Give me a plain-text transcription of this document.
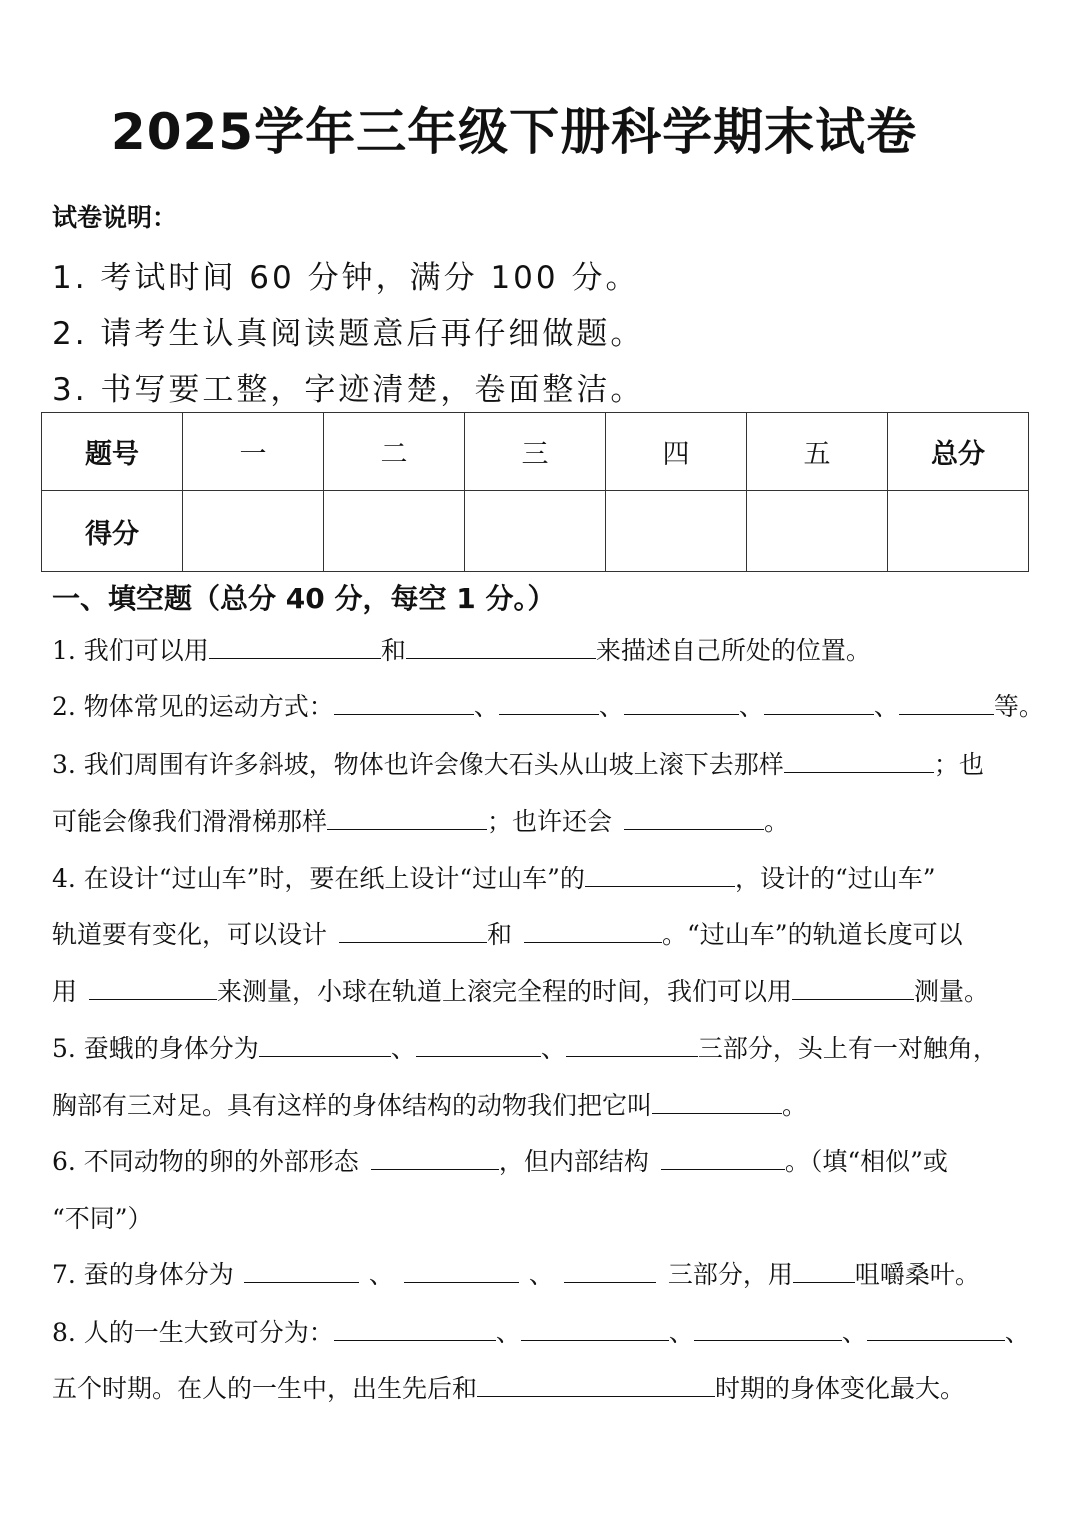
2025学年三年级下册科学期末试卷
试卷说明：
1. 考试时间 60 分钟，满分 100 分。
2. 请考生认真阅读题意后再仔细做题。
3. 书写要工整，字迹清楚，卷面整洁。
题号	一	二	三	四	五	总分
得分						
一、填空题（总分 40 分，每空 1 分。）
1. 我们可以用	和	来描述自己所处的位置。
2. 物体常见的运动方式：	、	、	、	、	等。
3. 我们周围有许多斜坡，物体也许会像大石头从山坡上滚下去那样	；也
可能会像我们滑滑梯那样	；也许还会	。
4. 在设计“过山车”时，要在纸上设计“过山车”的	，设计的“过山车”
轨道要有变化，可以设计	和	。“过山车”的轨道长度可以
用	来测量，小球在轨道上滚完全程的时间，我们可以用	测量。
5. 蚕蛾的身体分为	、	、	三部分，头上有一对触角，
胸部有三对足。具有这样的身体结构的动物我们把它叫	。
6. 不同动物的卵的外部形态	，但内部结构	。（填“相似”或
“不同”）
7. 蚕的身体分为	、	、	三部分，用 咀嚼桑叶。
8. 人的一生大致可分为：	、	、	、	、
五个时期。在人的一生中，出生先后和	时期的身体变化最大。
